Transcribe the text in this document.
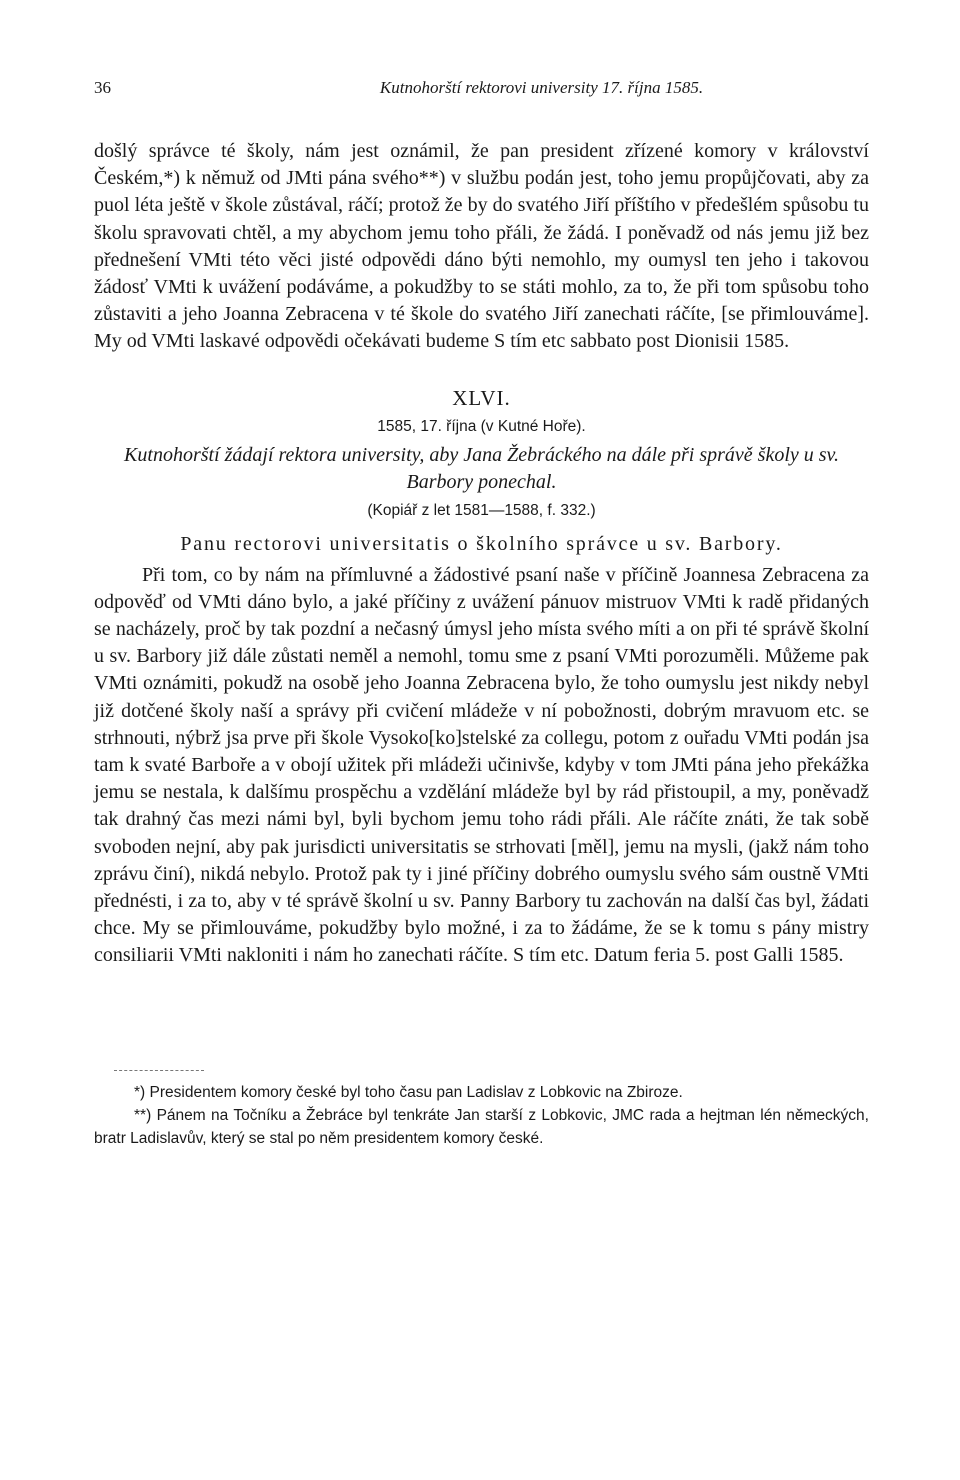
36	Kutnohorští rektorovi university 17. října 1585.

došlý správce té školy, nám jest oznámil, že pan president zřízené komory v království Českém,*) k němuž od JMti pána svého**) v službu podán jest, toho jemu propůjčovati, aby za puol léta ještě v škole zůstával, ráčí; protož že by do svatého Jiří příštího v předešlém spůsobu tu školu spravovati chtěl, a my abychom jemu toho přáli, že žádá. I poněvadž od nás jemu již bez přednešení VMti této věci jisté odpovědi dáno býti nemohlo, my oumysl ten jeho i takovou žádosť VMti k uvážení podáváme, a pokudžby to se státi mohlo, za to, že při tom spůsobu toho zůstaviti a jeho Joanna Zebracena v té škole do svatého Jiří zanechati ráčíte, [se přimlouváme]. My od VMti laskavé odpovědi očekávati budeme S tím etc sabbato post Dionisii 1585.

XLVI.
1585, 17. října (v Kutné Hoře).
Kutnohorští žádají rektora university, aby Jana Žebráckého na dále při správě školy u sv. Barbory ponechal.
(Kopiář z let 1581—1588, f. 332.)
Panu rectorovi universitatis o školního správce u sv. Barbory.

Při tom, co by nám na přímluvné a žádostivé psaní naše v příčině Joannesa Zebracena za odpověď od VMti dáno bylo, a jaké příčiny z uvážení pánuov mistruov VMti k radě přidaných se nacházely, proč by tak pozdní a nečasný úmysl jeho místa svého míti a on při té správě školní u sv. Barbory již dále zůstati neměl a nemohl, tomu sme z psaní VMti porozuměli. Můžeme pak VMti oznámiti, pokudž na osobě jeho Joanna Zebracena bylo, že toho oumyslu jest nikdy nebyl již dotčené školy naší a správy při cvičení mládeže v ní pobožnosti, dobrým mravuom etc. se strhnouti, nýbrž jsa prve při škole Vysoko[ko]stelské za collegu, potom z ouřadu VMti podán jsa tam k svaté Barboře a v obojí užitek při mládeži učinivše, kdyby v tom JMti pána jeho překážka jemu se nestala, k dalšímu prospěchu a vzdělání mládeže byl by rád přistoupil, a my, poněvadž tak drahný čas mezi námi byl, byli bychom jemu toho rádi přáli. Ale ráčíte znáti, že tak sobě svoboden nejní, aby pak jurisdicti universitatis se strhovati [měl], jemu na mysli, (jakž nám toho zprávu činí), nikdá nebylo. Protož pak ty i jiné příčiny dobrého oumyslu svého sám oustně VMti přednésti, i za to, aby v té správě školní u sv. Panny Barbory tu zachován na další čas byl, žádati chce. My se přimlouváme, pokudžby bylo možné, i za to žádáme, že se k tomu s pány mistry consiliarii VMti nakloniti i nám ho zanechati ráčíte. S tím etc. Datum feria 5. post Galli 1585.

*) Presidentem komory české byl toho času pan Ladislav z Lobkovic na Zbiroze.

**) Pánem na Točníku a Žebráce byl tenkráte Jan starší z Lobkovic, JMC rada a hejtman lén německých, bratr Ladislavův, který se stal po něm presidentem komory české.
